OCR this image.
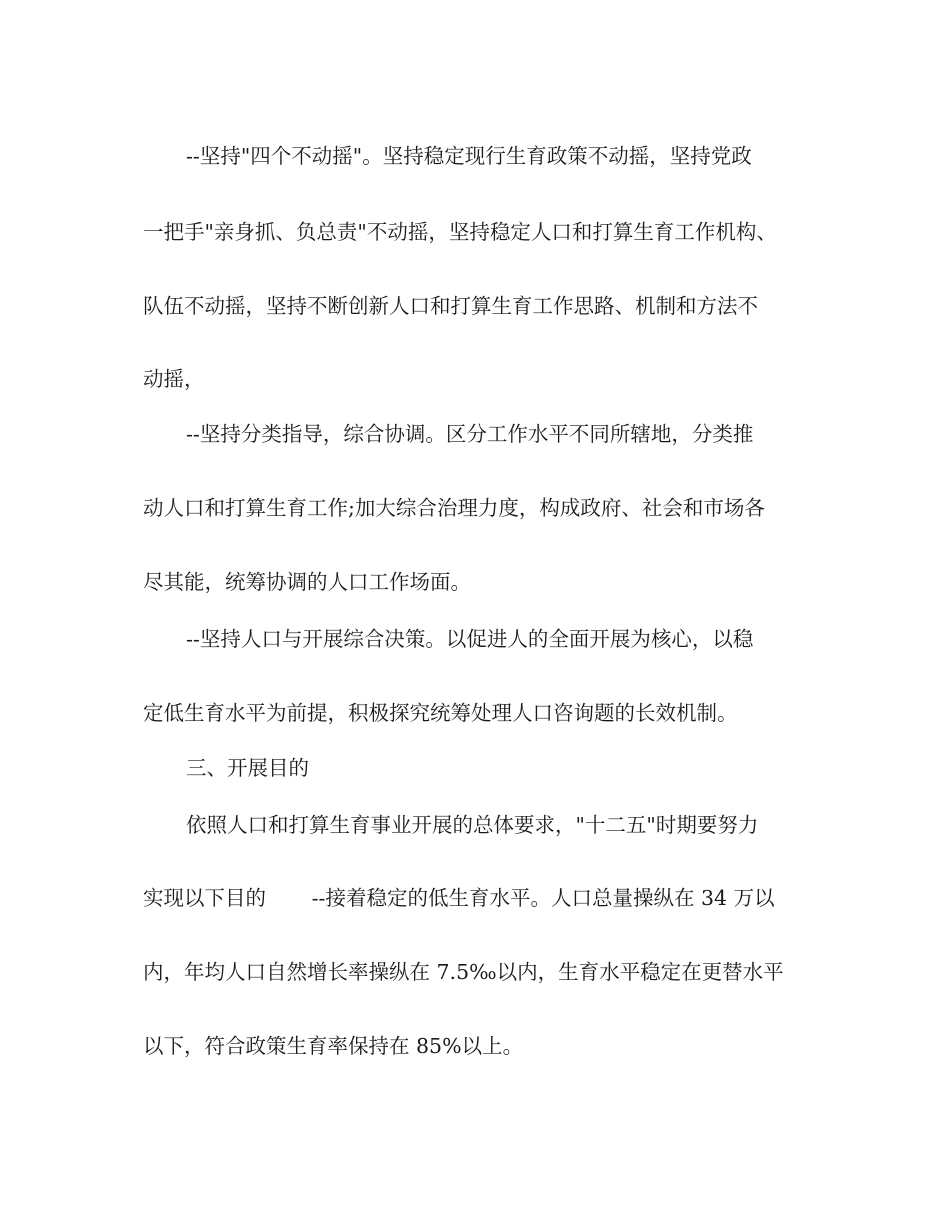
--坚持"四个不动摇"。坚持稳定现行生育政策不动摇，坚持党政
一把手"亲身抓、负总责"不动摇，坚持稳定人口和打算生育工作机构、
队伍不动摇，坚持不断创新人口和打算生育工作思路、机制和方法不
动摇，
--坚持分类指导，综合协调。区分工作水平不同所辖地，分类推
动人口和打算生育工作;加大综合治理力度，构成政府、社会和市场各
尽其能，统筹协调的人口工作场面。
--坚持人口与开展综合决策。以促进人的全面开展为核心，以稳
定低生育水平为前提，积极探究统筹处理人口咨询题的长效机制。
三、开展目的
依照人口和打算生育事业开展的总体要求，"十二五"时期要努力
实现以下目的       --接着稳定的低生育水平。人口总量操纵在 34 万以
内，年均人口自然增长率操纵在 7.5‰以内，生育水平稳定在更替水平
以下，符合政策生育率保持在 85%以上。
